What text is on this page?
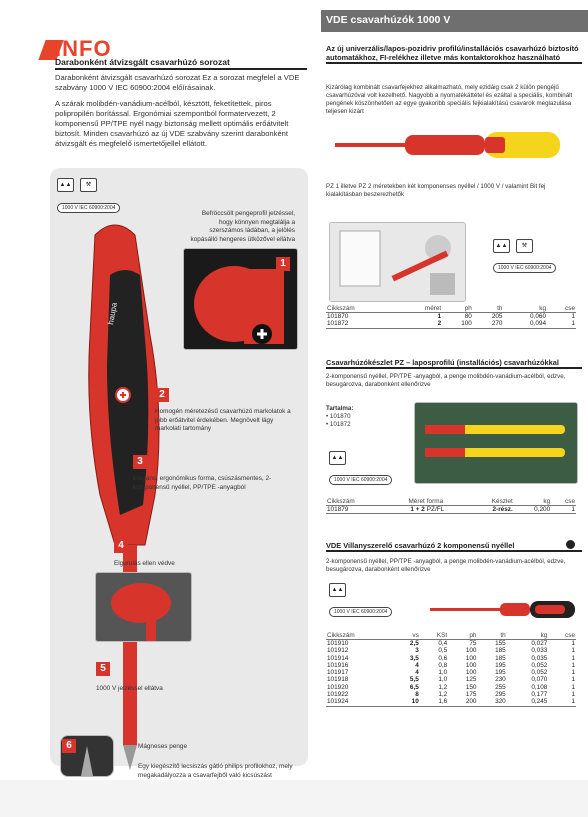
INFO
Darabonként átvizsgált csavarhúzó sorozat

Darabonként átvizsgált csavarhúzó sorozat Ez a sorozat megfelel a VDE szabvány 1000 V IEC 60900:2004 előírásainak.

A szárak molibdén-vanádium-acélból, késztött, feketítettek, piros polipropilén borítással. Ergonómiai szempontból formatervezett, 2 komponensű PP/TPE nyél nagy biztonság mellett optimális erőátvitelt biztosít. Minden csavarhúzó az új VDE szabvány szerint darabonként átvizsgált és megfelelő ismertetőjellel ellátott.

▲▲	⚒
1000 V IEC 60900:2004
haupa
Befröccsölt pengeprofil jelzéssel, hogy könnyen megtalálja a szerszámos ládában, a jelölés kopásálló hengeres ütközővel ellátva
1
2
Homogén méretezésű csavarhúzó markolatok a jobb erőátvitel érdekében. Megnövelt lágy markolati tartomány
3
Elegáns, ergonómikus forma, csúszásmentes, 2- komponensű nyéllel, PP/TPE -anyagból
4
Elgurulás ellen védve
5
1000 V jelzéssel ellátva
6	Mágneses penge
Egy kiegészítő lecsiszás gátló philips profilokhoz, mely megakadályozza a csavarfejből való kicsúszást
VDE csavarhúzók 1000 V
Az új univerzális/lapos-pozidriv profilú/installációs csavarhúzó biztosító automatákhoz, FI-relékhez illetve más kontaktorokhoz használható
Kizárólag kombinált csavarfejekhez alkalmazható, mely ezidáig csak 2 külön pengéjű csavarhúzóval volt kezelhető. Nagyobb a nyomatékáttétel és ezáltal a speciális, kombinált pengének köszönhetően az egye gyakoribb speciális fejkialakítású csavarok meglazulása teljesen kizárt
PZ 1 illetve PZ 2 méretekben két komponenses nyéllel / 1000 V / valamint Bit fej kialakításban beszerezhetők
▲▲	⚒
1000 V IEC 60900:2004
Cikkszám	méret	ph	th	kg	cse
101870	1	80	205	0,060	1
101872	2	100	270	0,094	1
Csavarhúzókészlet PZ – laposprofilú (installációs) csavarhúzókkal
2-komponensű nyéllel, PP/TPE -anyagból, a penge molibdén-vanádium-acélból, edzve, besugározva, darabonként ellenőrizve
Tartalma:
• 101870
• 101872
▲▲
1000 V IEC 60900:2004
Cikkszám	Méret	forma	Készlet	kg	cse
101879	1 + 2	PZ/FL	2-rész.	0,200	1
VDE Villanyszerelő csavarhúzó 2 komponensű nyéllel
2-komponensű nyéllel, PP/TPE -anyagból, a penge molibdén-vanádium-acélból, edzve, besugározva, darabonként ellenőrizve
▲▲
1000 V IEC 60900:2004
Cikkszám	vs	KSt	ph	th	kg	cse
101910	2,5	0,4	75	155	0,027	1
101912	3	0,5	100	185	0,033	1
101914	3,5	0,6	100	185	0,035	1
101916	4	0,8	100	195	0,052	1
101917	4	1,0	100	195	0,052	1
101918	5,5	1,0	125	230	0,070	1
101920	6,5	1,2	150	255	0,108	1
101922	8	1,2	175	295	0,177	1
101924	10	1,6	200	320	0,245	1
